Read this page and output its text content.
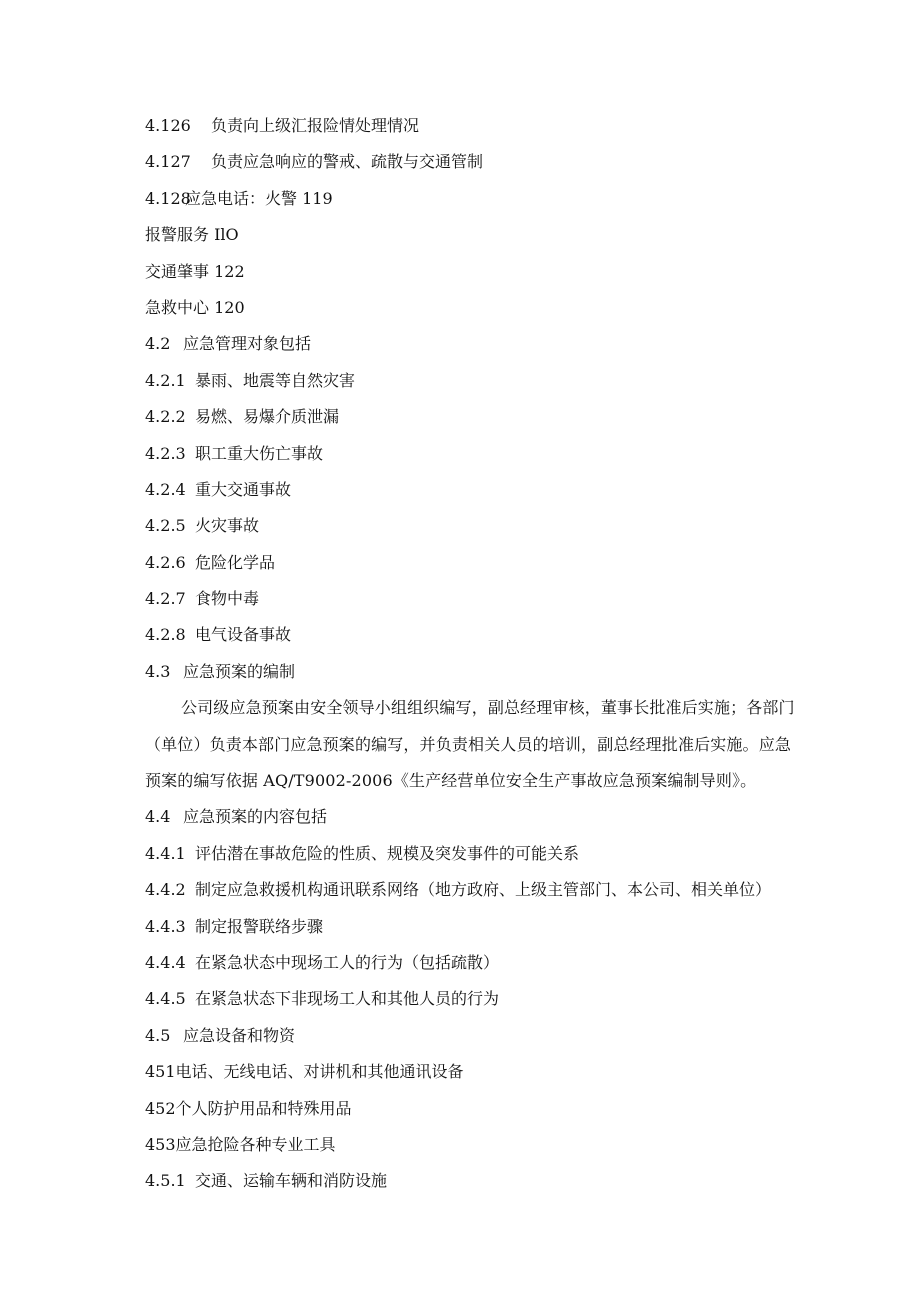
4.126 负责向上级汇报险情处理情况
4.127 负责应急响应的警戒、疏散与交通管制
4.128应急电话：火警 119
报警服务 IlO
交通肇事 122
急救中心 120
4.2 应急管理对象包括
4.2.1 暴雨、地震等自然灾害
4.2.2 易燃、易爆介质泄漏
4.2.3 职工重大伤亡事故
4.2.4 重大交通事故
4.2.5 火灾事故
4.2.6 危险化学品
4.2.7 食物中毒
4.2.8 电气设备事故
4.3 应急预案的编制
公司级应急预案由安全领导小组组织编写，副总经理审核，董事长批准后实施；各部门（单位）负责本部门应急预案的编写，并负责相关人员的培训，副总经理批准后实施。应急预案的编写依据 AQ/T9002-2006《生产经营单位安全生产事故应急预案编制导则》。
4.4 应急预案的内容包括
4.4.1 评估潜在事故危险的性质、规模及突发事件的可能关系
4.4.2 制定应急救援机构通讯联系网络（地方政府、上级主管部门、本公司、相关单位）
4.4.3 制定报警联络步骤
4.4.4 在紧急状态中现场工人的行为（包括疏散）
4.4.5 在紧急状态下非现场工人和其他人员的行为
4.5 应急设备和物资
451电话、无线电话、对讲机和其他通讯设备
452个人防护用品和特殊用品
453应急抢险各种专业工具
4.5.1 交通、运输车辆和消防设施
